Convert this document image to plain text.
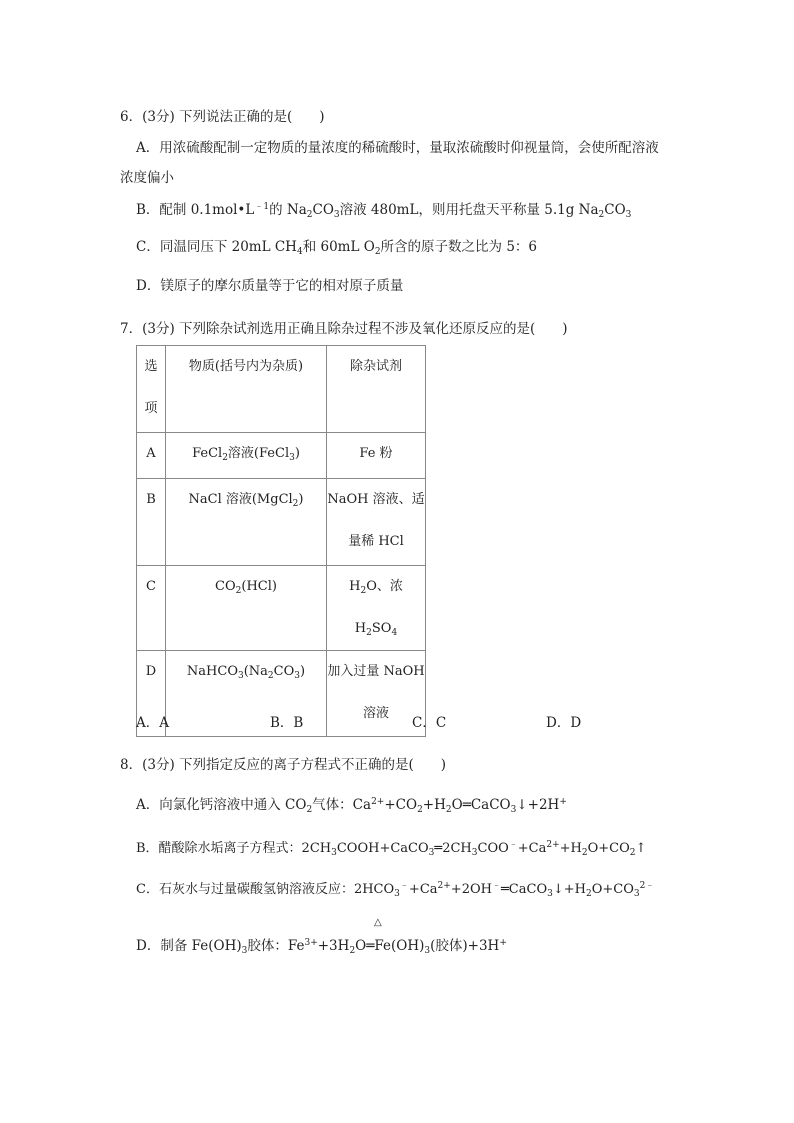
6．(3分) 下列说法正确的是(　　)
A．用浓硫酸配制一定物质的量浓度的稀硫酸时，量取浓硫酸时仰视量筒，会使所配溶液
浓度偏小
B．配制 $0.1mol•L^{﹣1}$的 $Na_2CO_3$溶液 480mL，则用托盘天平称量 5.1g $Na_2CO_3$
C．同温同压下 20mL $CH_4$和 60mL $O_2$所含的原子数之比为 5：6
D．镁原子的摩尔质量等于它的相对原子质量
7．(3分) 下列除杂试剂选用正确且除杂过程不涉及氧化还原反应的是(　　)
选
项	物质(括号内为杂质)	除杂试剂

A	FeCl$_2$溶液(FeCl$_3$)	Fe 粉

B	NaCl 溶液(MgCl$_2$)	NaOH 溶液、适
量稀 HCl

C	$CO_2(HCl)$	$H_2O$、浓 $H_2SO_4$

D	$NaHCO_3(Na_2CO_3)$	加入过量 NaOH
溶液
A．A	B．B	C．C	D．D
8．(3分) 下列指定反应的离子方程式不正确的是(　　)
A．向氯化钙溶液中通入 $CO_2$气体：$Ca^{2+}+CO_2+H_2O═CaCO_3↓+2H^+$
B．醋酸除水垢离子方程式：$2CH_3COOH+CaCO_3═2CH_3COO^﹣+Ca^{2+}+H_2O+CO_2↑$
C．石灰水与过量碳酸氢钠溶液反应：$2HCO_3^﹣+Ca^{2+}+2OH^﹣═CaCO_3↓+H_2O+CO_3^{2﹣}$
△
D．制备 $Fe(OH)_3$胶体：$Fe^{3+}+3H_2O═Fe(OH)_3$(胶体)+3H+
